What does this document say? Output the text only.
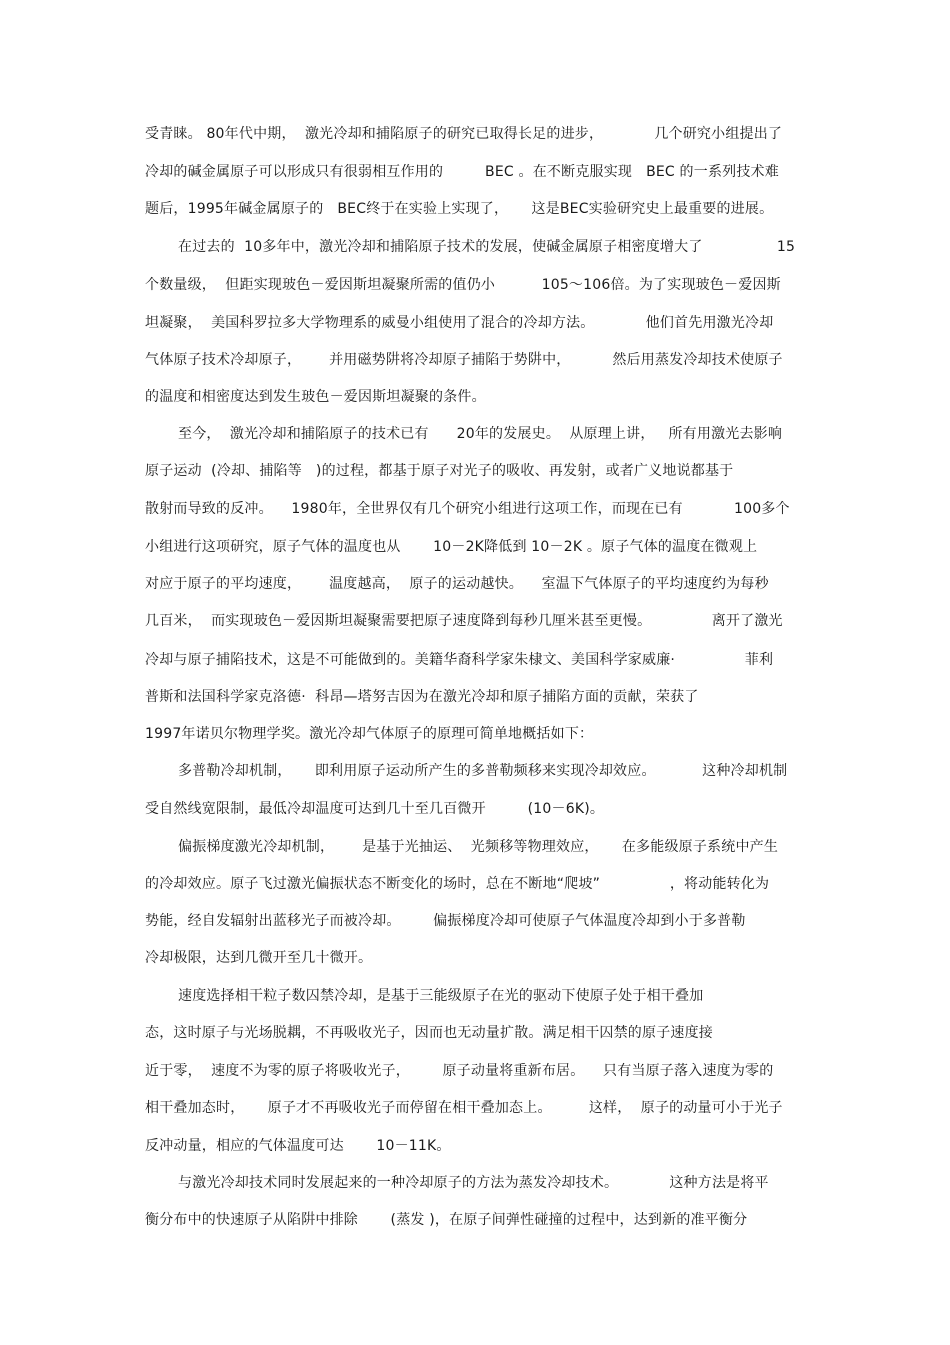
受青睐。 80年代中期，  激光冷却和捕陷原子的研究已取得长足的进步，           几个研究小组提出了
冷却的碱金属原子可以形成只有很弱相互作用的         BEC 。在不断克服实现   BEC 的一系列技术难
题后，1995年碱金属原子的   BEC终于在实验上实现了，     这是BEC实验研究史上最重要的进展。
在过去的  10多年中，激光冷却和捕陷原子技术的发展，使碱金属原子相密度增大了                15
个数量级，  但距实现玻色－爱因斯坦凝聚所需的值仍小          105～106倍。为了实现玻色－爱因斯
坦凝聚，  美国科罗拉多大学物理系的威曼小组使用了混合的冷却方法。           他们首先用激光冷却
气体原子技术冷却原子，      并用磁势阱将冷却原子捕陷于势阱中，         然后用蒸发冷却技术使原子
的温度和相密度达到发生玻色－爱因斯坦凝聚的条件。
至今，  激光冷却和捕陷原子的技术已有      20年的发展史。  从原理上讲，   所有用激光去影响
原子运动  (冷却、捕陷等   )的过程，都基于原子对光子的吸收、再发射，或者广义地说都基于
散射而导致的反冲。    1980年，全世界仅有几个研究小组进行这项工作，而现在已有           100多个
小组进行这项研究，原子气体的温度也从       10－2K降低到 10－2K 。原子气体的温度在微观上
对应于原子的平均速度，      温度越高，  原子的运动越快。    室温下气体原子的平均速度约为每秒
几百米，  而实现玻色－爱因斯坦凝聚需要把原子速度降到每秒几厘米甚至更慢。             离开了激光
冷却与原子捕陷技术，这是不可能做到的。美籍华裔科学家朱棣文、美国科学家威廉·               菲利
普斯和法国科学家克洛德·  科昂—塔努吉因为在激光冷却和原子捕陷方面的贡献，荣获了
1997年诺贝尔物理学奖。激光冷却气体原子的原理可简单地概括如下：
多普勒冷却机制，     即利用原子运动所产生的多普勒频移来实现冷却效应。          这种冷却机制
受自然线宽限制，最低冷却温度可达到几十至几百微开         (10－6K)。
偏振梯度激光冷却机制，      是基于光抽运、  光频移等物理效应，     在多能级原子系统中产生
的冷却效应。原子飞过激光偏振状态不断变化的场时，总在不断地“爬坡”               ，将动能转化为
势能，经自发辐射出蓝移光子而被冷却。       偏振梯度冷却可使原子气体温度冷却到小于多普勒
冷却极限，达到几微开至几十微开。
速度选择相干粒子数囚禁冷却，是基于三能级原子在光的驱动下使原子处于相干叠加
态，这时原子与光场脱耦，不再吸收光子，因而也无动量扩散。满足相干囚禁的原子速度接
近于零，  速度不为零的原子将吸收光子，       原子动量将重新布居。    只有当原子落入速度为零的
相干叠加态时，     原子才不再吸收光子而停留在相干叠加态上。        这样，  原子的动量可小于光子
反冲动量，相应的气体温度可达       10－11K。
与激光冷却技术同时发展起来的一种冷却原子的方法为蒸发冷却技术。           这种方法是将平
衡分布中的快速原子从陷阱中排除       (蒸发 )，在原子间弹性碰撞的过程中，达到新的准平衡分
